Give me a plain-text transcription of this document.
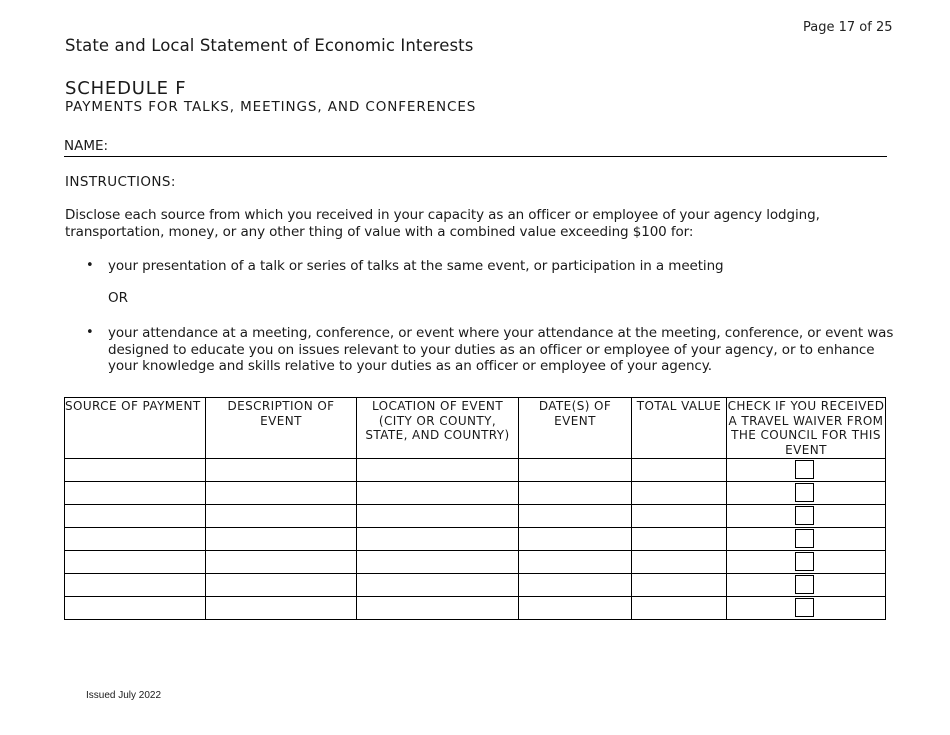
Page 17 of 25
State and Local Statement of Economic Interests
SCHEDULE F
PAYMENTS FOR TALKS, MEETINGS, AND CONFERENCES
NAME:
INSTRUCTIONS:
Disclose each source from which you received in your capacity as an officer or employee of your agency lodging, transportation, money, or any other thing of value with a combined value exceeding $100 for:
• your presentation of a talk or series of talks at the same event, or participation in a meeting
OR
• your attendance at a meeting, conference, or event where your attendance at the meeting, conference, or event was designed to educate you on issues relevant to your duties as an officer or employee of your agency, or to enhance your knowledge and skills relative to your duties as an officer or employee of your agency.
SOURCE OF PAYMENT	DESCRIPTION OF EVENT	LOCATION OF EVENT (CITY OR COUNTY, STATE, AND COUNTRY)	DATE(S) OF EVENT	TOTAL VALUE	CHECK IF YOU RECEIVED A TRAVEL WAIVER FROM THE COUNCIL FOR THIS EVENT

Issued July 2022
